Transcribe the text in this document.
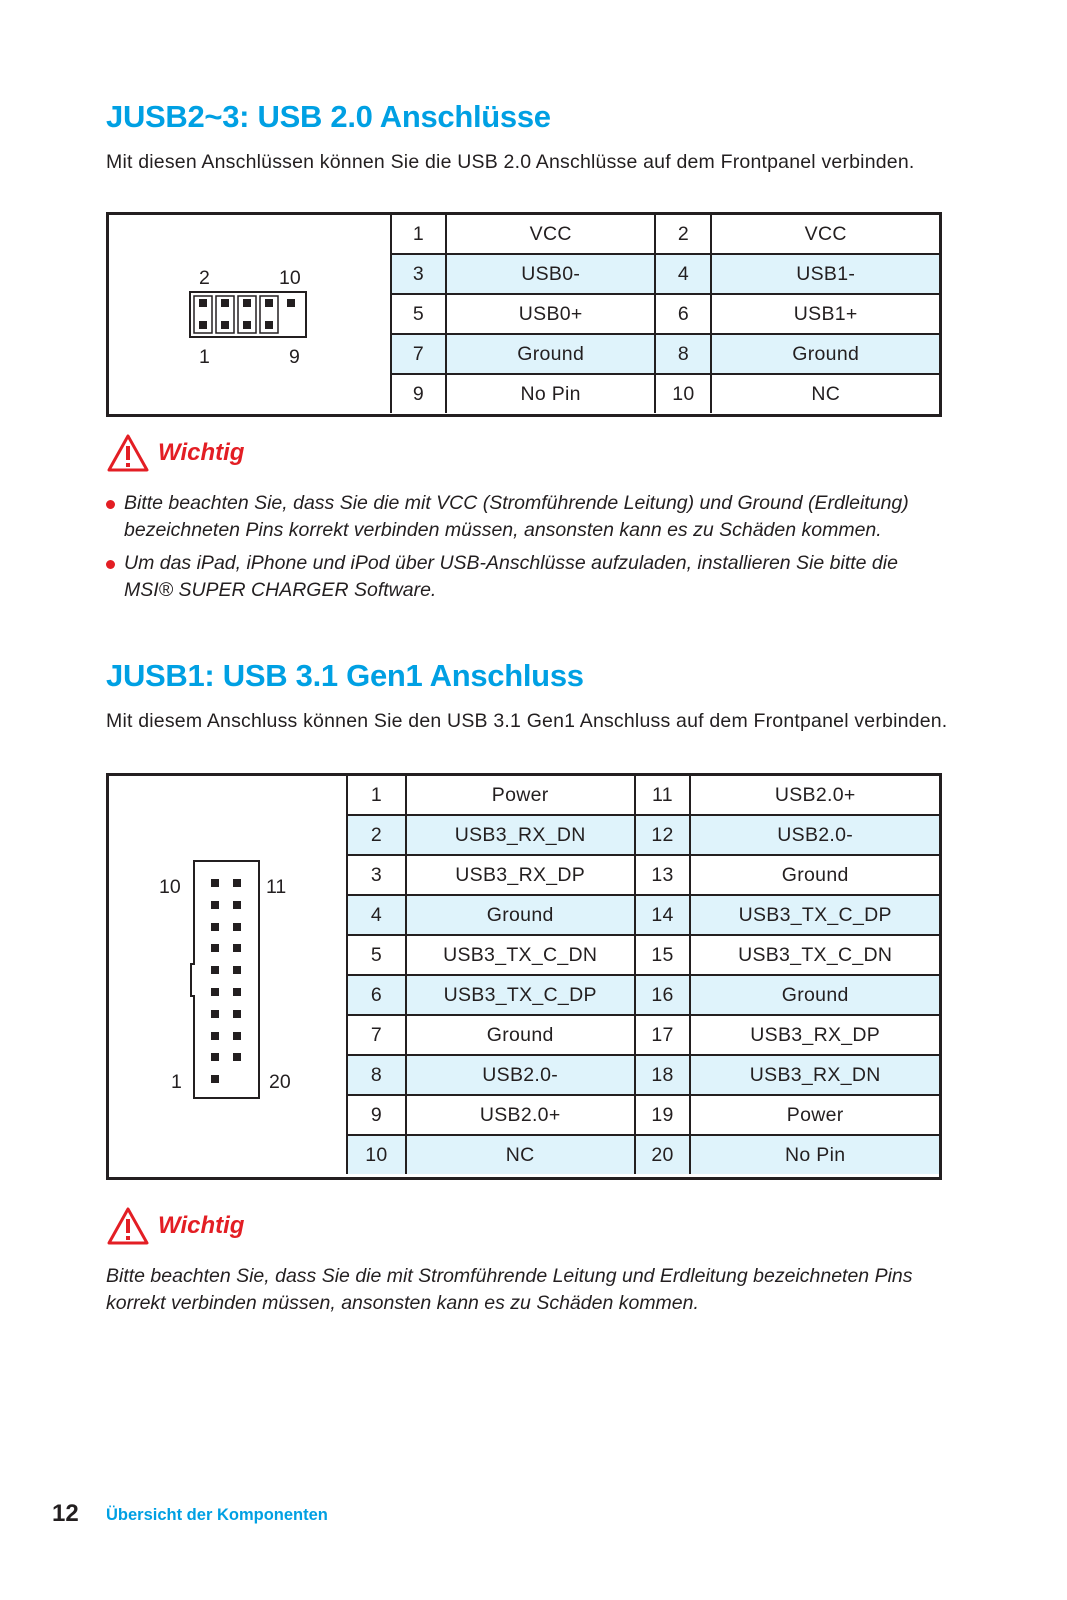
JUSB2~3: USB 2.0 Anschlüsse

Mit diesen Anschlüssen können Sie die USB 2.0 Anschlüsse auf dem Frontpanel verbinden.

2	10
1	9
1	VCC	2	VCC
3	USB0-	4	USB1-
5	USB0+	6	USB1+
7	Ground	8	Ground
9	No Pin	10	NC
Wichtig
Bitte beachten Sie, dass Sie die mit VCC (Stromführende Leitung) und Ground (Erdleitung) bezeichneten Pins korrekt verbinden müssen, ansonsten kann es zu Schäden kommen.
Um das iPad, iPhone und iPod über USB-Anschlüsse aufzuladen, installieren Sie bitte die MSI® SUPER CHARGER Software.
JUSB1: USB 3.1 Gen1 Anschluss

Mit diesem Anschluss können Sie den USB 3.1 Gen1 Anschluss auf dem Frontpanel verbinden.

10	11
1	20
1	Power	11	USB2.0+
2	USB3_RX_DN	12	USB2.0-
3	USB3_RX_DP	13	Ground
4	Ground	14	USB3_TX_C_DP
5	USB3_TX_C_DN	15	USB3_TX_C_DN
6	USB3_TX_C_DP	16	Ground
7	Ground	17	USB3_RX_DP
8	USB2.0-	18	USB3_RX_DN
9	USB2.0+	19	Power
10	NC	20	No Pin
Wichtig

Bitte beachten Sie, dass Sie die mit Stromführende Leitung und Erdleitung bezeichneten Pins korrekt verbinden müssen, ansonsten kann es zu Schäden kommen.

12 Übersicht der Komponenten
